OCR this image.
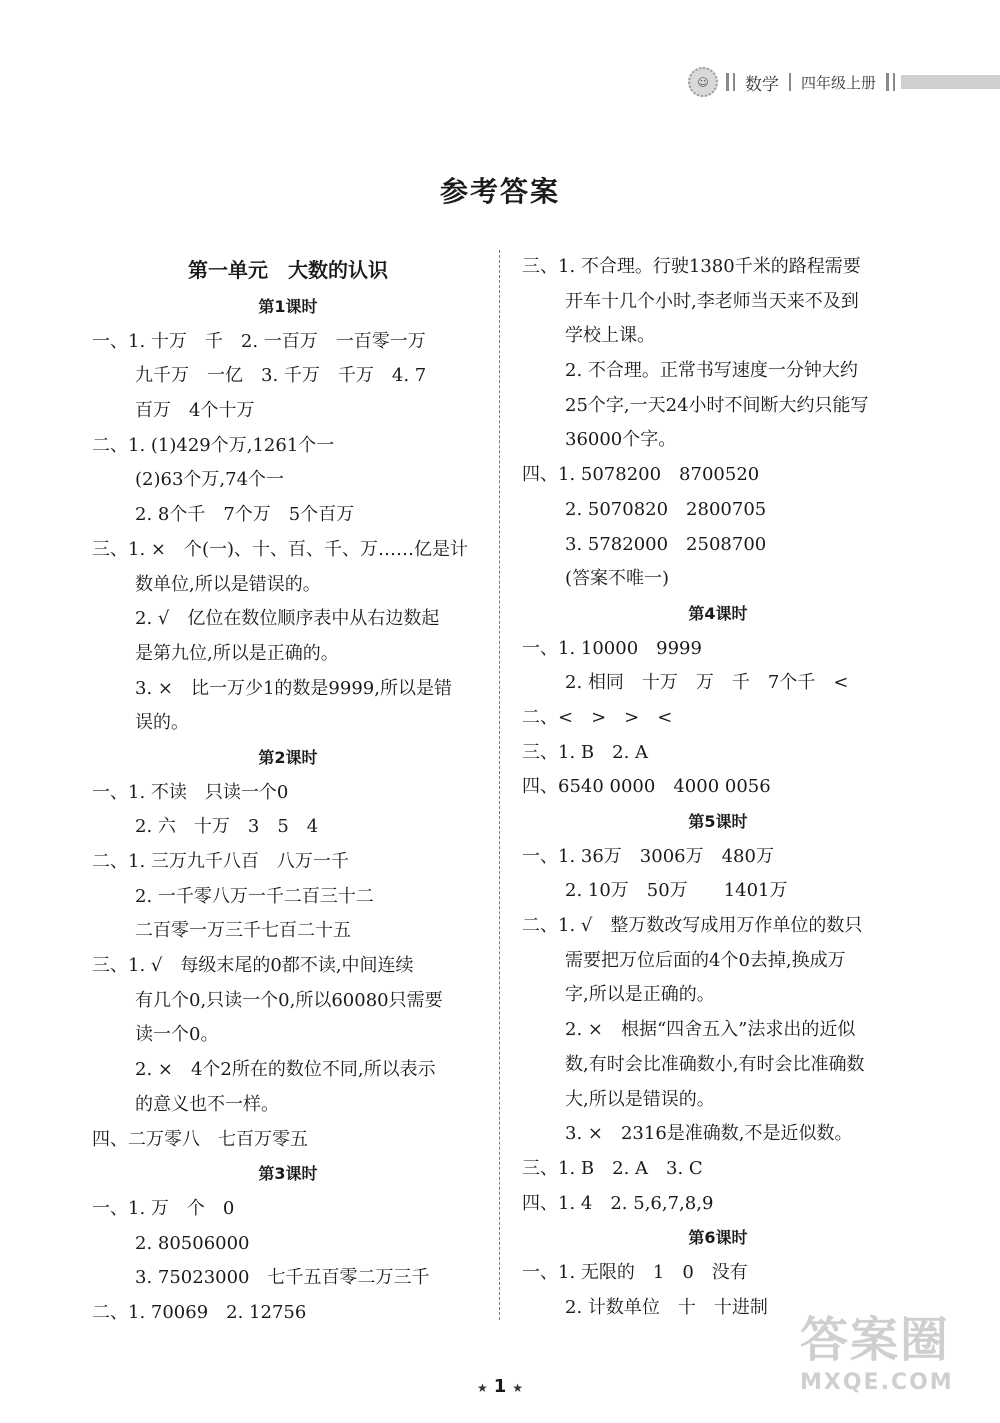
☺	数学 四年级上册
参考答案
第一单元　大数的认识
第1课时
一、1. 十万　千　2. 一百万　一百零一万
九千万　一亿　3. 千万　千万　4. 7
百万　4个十万
二、1. (1)429个万,1261个一
(2)63个万,74个一
2. 8个千　7个万　5个百万
三、1. ×　个(一)、十、百、千、万……亿是计
数单位,所以是错误的。
2. √　亿位在数位顺序表中从右边数起
是第九位,所以是正确的。
3. ×　比一万少1的数是9999,所以是错
误的。
第2课时
一、1. 不读　只读一个0
2. 六　十万　3　5　4
二、1. 三万九千八百　八万一千
2. 一千零八万一千二百三十二
二百零一万三千七百二十五
三、1. √　每级末尾的0都不读,中间连续
有几个0,只读一个0,所以60080只需要
读一个0。
2. ×　4个2所在的数位不同,所以表示
的意义也不一样。
四、二万零八　七百万零五
第3课时
一、1. 万　个　0
2. 80506000
3. 75023000　七千五百零二万三千
二、1. 70069　2. 12756
三、1. 不合理。行驶1380千米的路程需要
开车十几个小时,李老师当天来不及到
学校上课。
2. 不合理。正常书写速度一分钟大约
25个字,一天24小时不间断大约只能写
36000个字。
四、1. 5078200　8700520
2. 5070820　2800705
3. 5782000　2508700
(答案不唯一)
第4课时
一、1. 10000　9999
2. 相同　十万　万　千　7个千　<
二、<　>　>　<
三、1. B　2. A
四、6540 0000　4000 0056
第5课时
一、1. 36万　3006万　480万
2. 10万　50万　　1401万
二、1. √　整万数改写成用万作单位的数只
需要把万位后面的4个0去掉,换成万
字,所以是正确的。
2. ×　根据“四舍五入”法求出的近似
数,有时会比准确数小,有时会比准确数
大,所以是错误的。
3. ×　2316是准确数,不是近似数。
三、1. B　2. A　3. C
四、1. 4　2. 5,6,7,8,9
第6课时
一、1. 无限的　1　0　没有
2. 计数单位　十　十进制
★ 1 ★
答案圈
MXQE.COM
